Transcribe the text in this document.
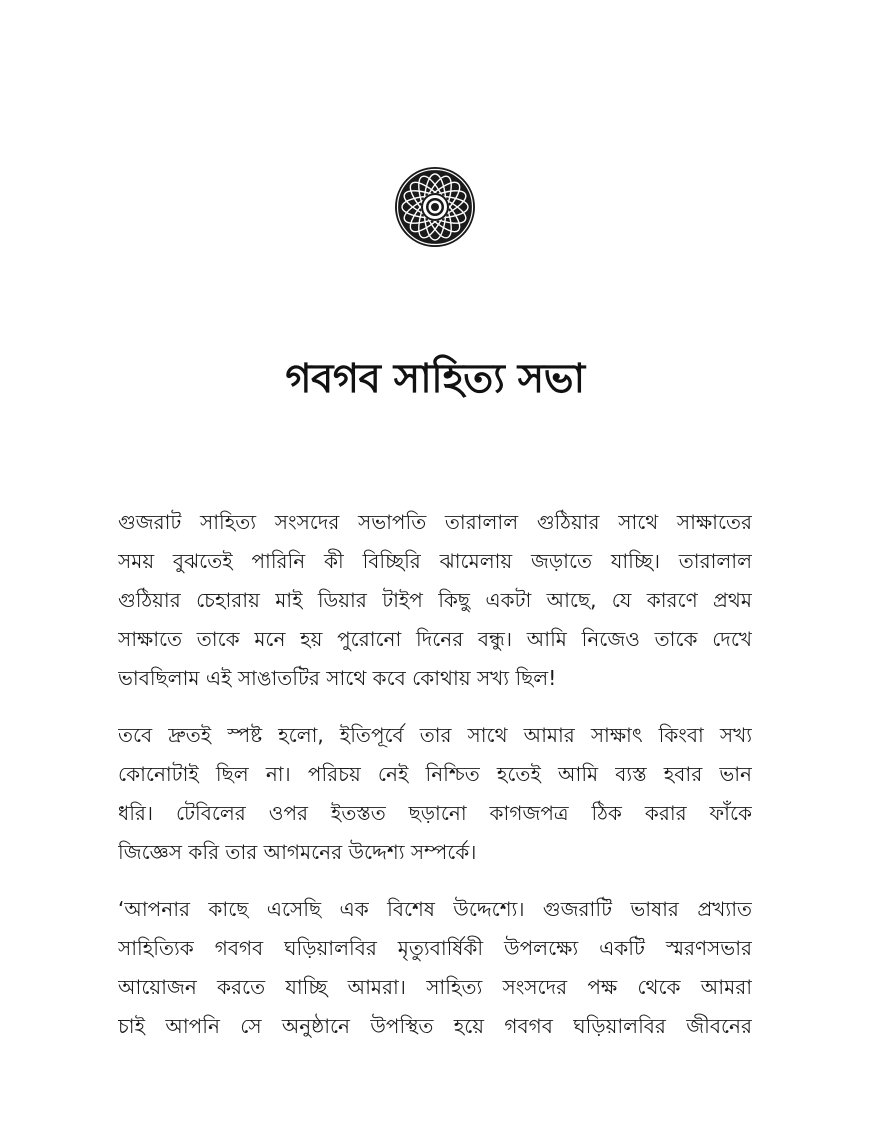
গবগব সাহিত্য সভা
গুজরাট সাহিত্য সংসদের সভাপতি তারালাল গুঠিয়ার সাথে সাক্ষাতের
সময় বুঝতেই পারিনি কী বিচ্ছিরি ঝামেলায় জড়াতে যাচ্ছি। তারালাল
গুঠিয়ার চেহারায় মাই ডিয়ার টাইপ কিছু একটা আছে, যে কারণে প্রথম
সাক্ষাতে তাকে মনে হয় পুরোনো দিনের বন্ধু। আমি নিজেও তাকে দেখে
ভাবছিলাম এই সাঙাতটির সাথে কবে কোথায় সখ্য ছিল!
তবে দ্রুতই স্পষ্ট হলো, ইতিপূর্বে তার সাথে আমার সাক্ষাৎ কিংবা সখ্য
কোনোটাই ছিল না। পরিচয় নেই নিশ্চিত হতেই আমি ব্যস্ত হবার ভান
ধরি। টেবিলের ওপর ইতস্তত ছড়ানো কাগজপত্র ঠিক করার ফাঁকে
জিজ্ঞেস করি তার আগমনের উদ্দেশ্য সম্পর্কে।
‘আপনার কাছে এসেছি এক বিশেষ উদ্দেশ্যে। গুজরাটি ভাষার প্রখ্যাত
সাহিত্যিক গবগব ঘড়িয়ালবির মৃত্যুবার্ষিকী উপলক্ষ্যে একটি স্মরণসভার
আয়োজন করতে যাচ্ছি আমরা। সাহিত্য সংসদের পক্ষ থেকে আমরা
চাই আপনি সে অনুষ্ঠানে উপস্থিত হয়ে গবগব ঘড়িয়ালবির জীবনের
